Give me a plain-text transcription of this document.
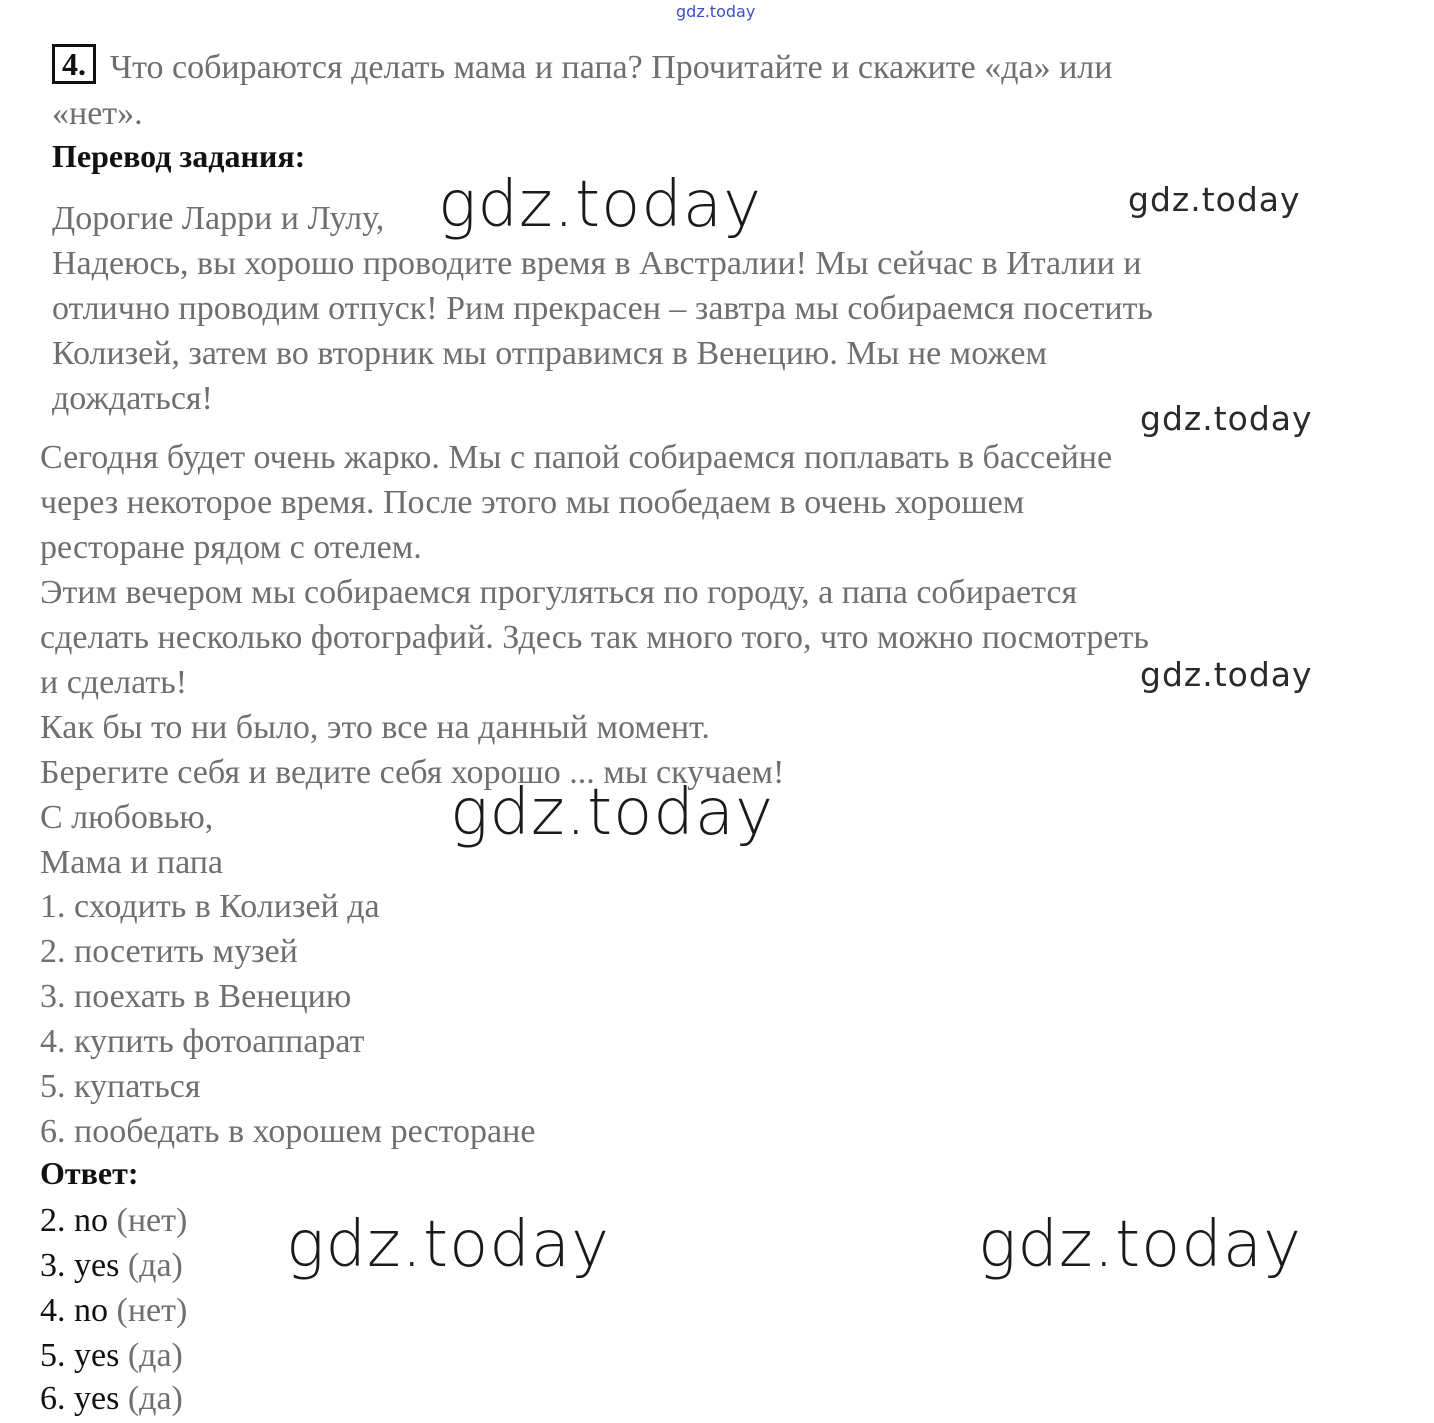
gdz.today
4. Что собираются делать мама и папа? Прочитайте и скажите «да» или
«нет».
Перевод задания:
Дорогие Ларри и Лулу,
Надеюсь, вы хорошо проводите время в Австралии! Мы сейчас в Италии и
отлично проводим отпуск! Рим прекрасен – завтра мы собираемся посетить
Колизей, затем во вторник мы отправимся в Венецию. Мы не можем
дождаться!
Сегодня будет очень жарко. Мы с папой собираемся поплавать в бассейне
через некоторое время. После этого мы пообедаем в очень хорошем
ресторане рядом с отелем.
Этим вечером мы собираемся прогуляться по городу, а папа собирается
сделать несколько фотографий. Здесь так много того, что можно посмотреть
и сделать!
Как бы то ни было, это все на данный момент.
Берегите себя и ведите себя хорошо ... мы скучаем!
С любовью,
Мама и папа
1. сходить в Колизей да
2. посетить музей
3. поехать в Венецию
4. купить фотоаппарат
5. купаться
6. пообедать в хорошем ресторане
Ответ:
2. no (нет)
3. yes (да)
4. no (нет)
5. yes (да)
6. yes (да)
gdz.today	gdz.today
gdz.today
gdz.today
gdz.today
gdz.today	gdz.today
